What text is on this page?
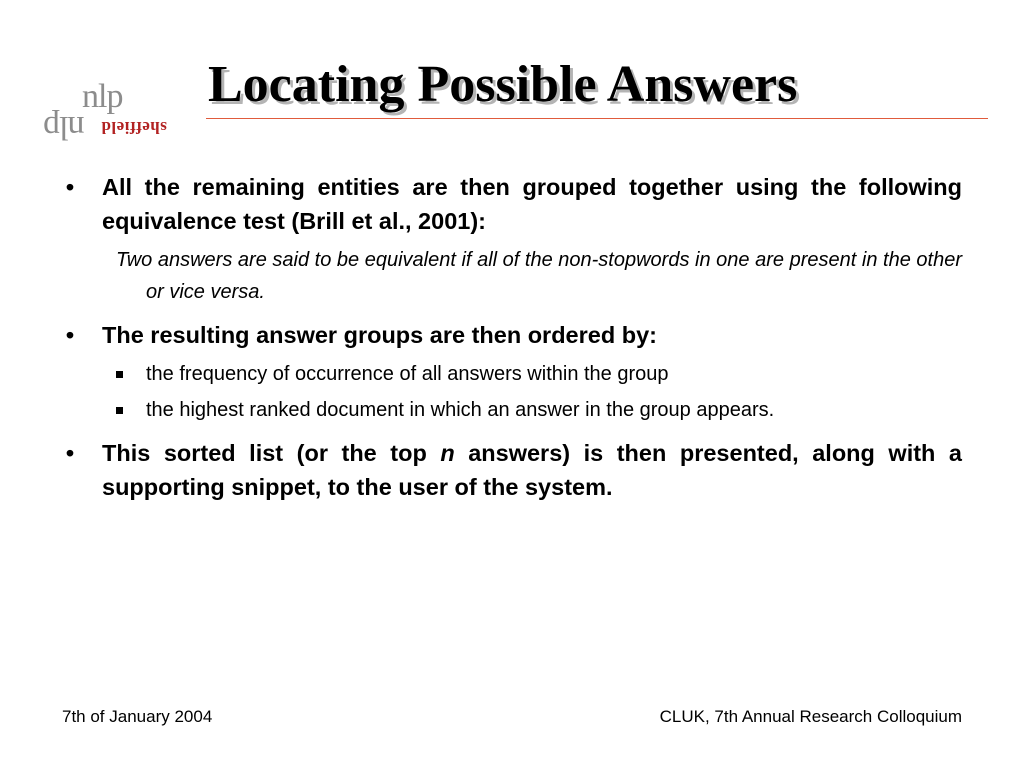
nlp
nlp sheffield
Locating Possible Answers
• All the remaining entities are then grouped together using the following equivalence test (Brill et al., 2001):
Two answers are said to be equivalent if all of the non-stopwords in one are present in the other or vice versa.
• The resulting answer groups are then ordered by:
the frequency of occurrence of all answers within the group
the highest ranked document in which an answer in the group appears.
• This sorted list (or the top n answers) is then presented, along with a supporting snippet, to the user of the system.
7th of January 2004	CLUK, 7th Annual Research Colloquium
